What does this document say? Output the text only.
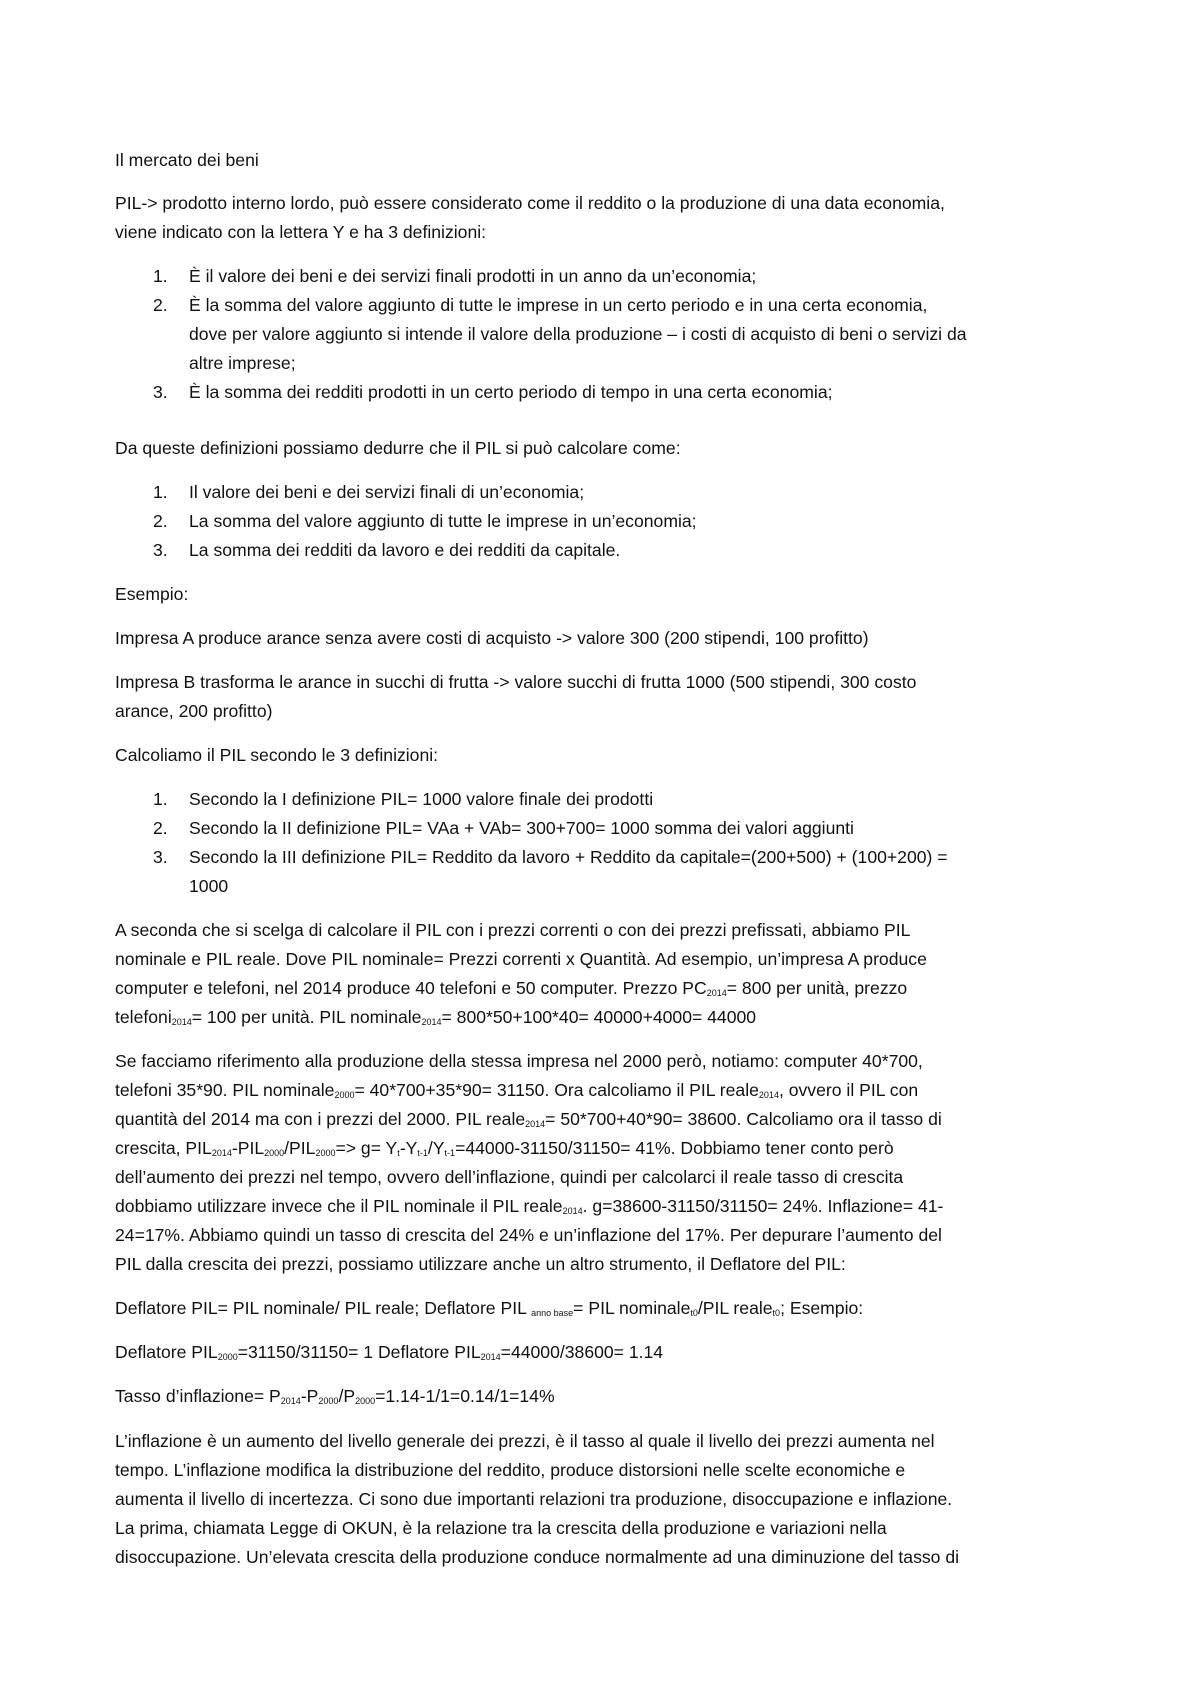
Il mercato dei beni
PIL-> prodotto interno lordo, può essere considerato come il reddito o la produzione di una data economia,
viene indicato con la lettera Y e ha 3 definizioni:
1. È il valore dei beni e dei servizi finali prodotti in un anno da un’economia;
2. È la somma del valore aggiunto di tutte le imprese in un certo periodo e in una certa economia,
dove per valore aggiunto si intende il valore della produzione – i costi di acquisto di beni o servizi da
altre imprese;
3. È la somma dei redditi prodotti in un certo periodo di tempo in una certa economia;
Da queste definizioni possiamo dedurre che il PIL si può calcolare come:
1. Il valore dei beni e dei servizi finali di un’economia;
2. La somma del valore aggiunto di tutte le imprese in un’economia;
3. La somma dei redditi da lavoro e dei redditi da capitale.
Esempio:
Impresa A produce arance senza avere costi di acquisto -> valore 300 (200 stipendi, 100 profitto)
Impresa B trasforma le arance in succhi di frutta -> valore succhi di frutta 1000 (500 stipendi, 300 costo
arance, 200 profitto)
Calcoliamo il PIL secondo le 3 definizioni:
1. Secondo la I definizione PIL= 1000 valore finale dei prodotti
2. Secondo la II definizione PIL= VAa + VAb= 300+700= 1000 somma dei valori aggiunti
3. Secondo la III definizione PIL= Reddito da lavoro + Reddito da capitale=(200+500) + (100+200) =
1000
A seconda che si scelga di calcolare il PIL con i prezzi correnti o con dei prezzi prefissati, abbiamo PIL
nominale e PIL reale. Dove PIL nominale= Prezzi correnti x Quantità. Ad esempio, un’impresa A produce
computer e telefoni, nel 2014 produce 40 telefoni e 50 computer. Prezzo $PC_{2014}= 800$ per unità, prezzo
telefoni$_{2014}$= 100 per unità. PIL nominale$_{2014}$= 800*50+100*40= 40000+4000= 44000
Se facciamo riferimento alla produzione della stessa impresa nel 2000 però, notiamo: computer 40*700,
telefoni 35*90. PIL nominale$_{2000}$= 40*700+35*90= 31150. Ora calcoliamo il PIL reale$_{2014}$, ovvero il PIL con
quantità del 2014 ma con i prezzi del 2000. PIL reale$_{2014}$= 50*700+40*90= 38600. Calcoliamo ora il tasso di
crescita, $PIL_{2014}-PIL_{2000}/PIL_{2000}=> g= Y_t-Y_{t-1}/Y_{t-1}=44000-31150/31150= 41\%$. Dobbiamo tener conto però
dell’aumento dei prezzi nel tempo, ovvero dell’inflazione, quindi per calcolarci il reale tasso di crescita
dobbiamo utilizzare invece che il PIL nominale il PIL reale$_{2014}$. g=38600-31150/31150= 24%. Inflazione= 41-
24=17%. Abbiamo quindi un tasso di crescita del 24% e un’inflazione del 17%. Per depurare l’aumento del
PIL dalla crescita dei prezzi, possiamo utilizzare anche un altro strumento, il Deflatore del PIL:
Deflatore PIL= PIL nominale/ PIL reale; Deflatore PIL $_{anno base}$= PIL nominale$_{t0}$/PIL reale$_{t0}$; Esempio:
Deflatore $PIL_{2000}=31150/31150= 1$ Deflatore $PIL_{2014}=44000/38600= 1.14$
Tasso d’inflazione= $P_{2014}-P_{2000}/P_{2000}=1.14-1/1=0.14/1=14\%$
L’inflazione è un aumento del livello generale dei prezzi, è il tasso al quale il livello dei prezzi aumenta nel
tempo. L’inflazione modifica la distribuzione del reddito, produce distorsioni nelle scelte economiche e
aumenta il livello di incertezza. Ci sono due importanti relazioni tra produzione, disoccupazione e inflazione.
La prima, chiamata Legge di OKUN, è la relazione tra la crescita della produzione e variazioni nella
disoccupazione. Un’elevata crescita della produzione conduce normalmente ad una diminuzione del tasso di
